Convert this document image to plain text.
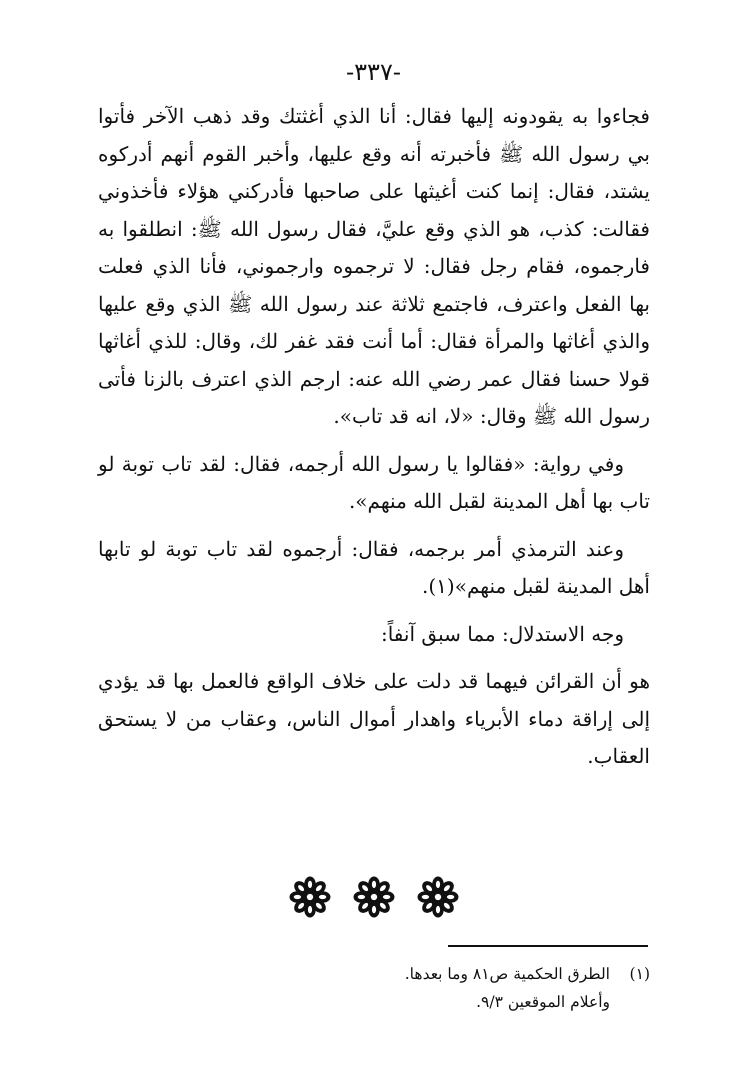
-٣٣٧-

فجاءوا به يقودونه إليها فقال: أنا الذي أغثتك وقد ذهب الآخر فأتوا بي رسول الله ﷺ فأخبرته أنه وقع عليها، وأخبر القوم أنهم أدركوه يشتد، فقال: إنما كنت أغيثها على صاحبها فأدركني هؤلاء فأخذوني فقالت: كذب، هو الذي وقع عليَّ، فقال رسول الله ﷺ: انطلقوا به فارجموه، فقام رجل فقال: لا ترجموه وارجموني، فأنا الذي فعلت بها الفعل واعترف، فاجتمع ثلاثة عند رسول الله ﷺ الذي وقع عليها والذي أغاثها والمرأة فقال: أما أنت فقد غفر لك، وقال: للذي أغاثها قولا حسنا فقال عمر رضي الله عنه: ارجم الذي اعترف بالزنا فأتى رسول الله ﷺ وقال: «لا، انه قد تاب».

وفي رواية: «فقالوا يا رسول الله أرجمه، فقال: لقد تاب توبة لو تاب بها أهل المدينة لقبل الله منهم».

وعند الترمذي أمر برجمه، فقال: أرجموه لقد تاب توبة لو تابها أهل المدينة لقبل منهم»(١).

وجه الاستدلال: مما سبق آنفاً:

هو أن القرائن فيهما قد دلت على خلاف الواقع فالعمل بها قد يؤدي إلى إراقة دماء الأبرياء واهدار أموال الناس، وعقاب من لا يستحق العقاب.

(١)الطرق الحكمية ص٨١ وما بعدها.
وأعلام الموقعين ٩/٣.
